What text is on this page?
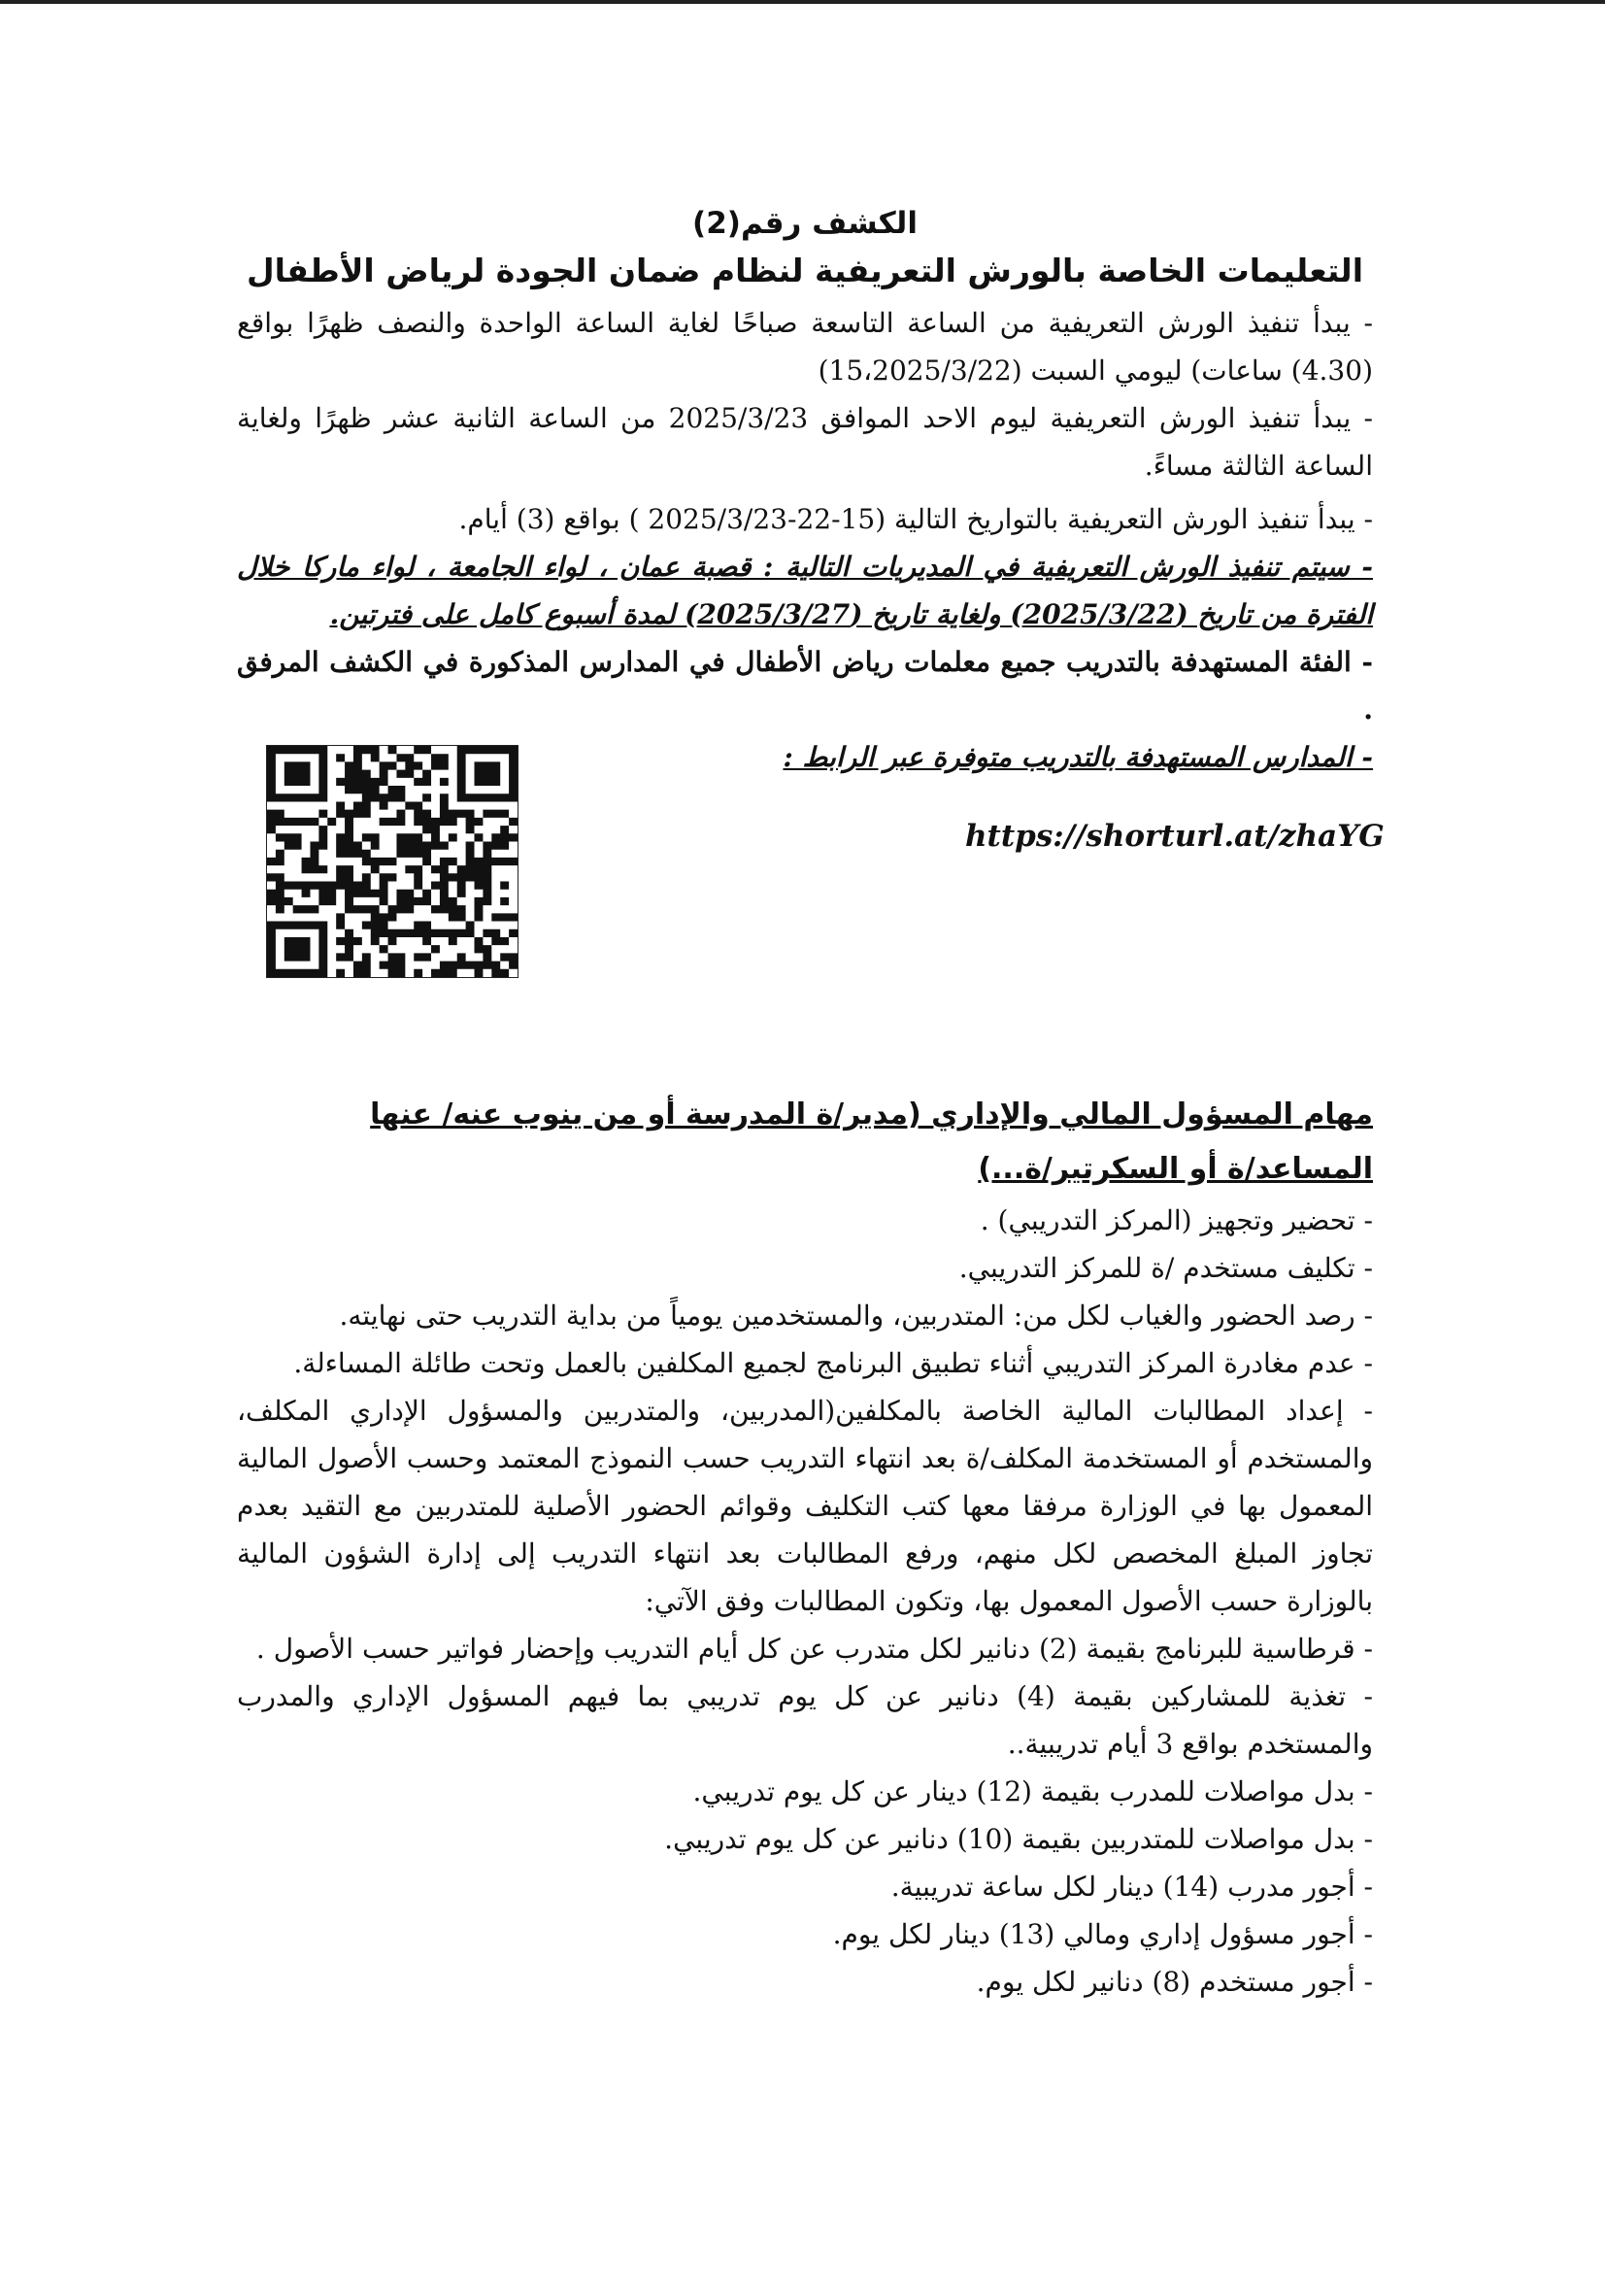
الكشف رقم(2)
التعليمات الخاصة بالورش التعريفية لنظام ضمان الجودة لرياض الأطفال

- يبدأ تنفيذ الورش التعريفية من الساعة التاسعة صباحًا لغاية الساعة الواحدة والنصف ظهرًا بواقع (4.30) ساعات) ليومي السبت (15،2025/3/22)

- يبدأ تنفيذ الورش التعريفية ليوم الاحد الموافق 2025/3/23 من الساعة الثانية عشر ظهرًا ولغاية الساعة الثالثة مساءً.

- يبدأ تنفيذ الورش التعريفية بالتواريخ التالية (15-22-2025/3/23 ) بواقع (3) أيام.

- سيتم تنفيذ الورش التعريفية في المديريات التالية : قصبة عمان ، لواء الجامعة ، لواء ماركا خلال الفترة من تاريخ (2025/3/22) ولغاية تاريخ (2025/3/27) لمدة أسبوع كامل على فترتين.

- الفئة المستهدفة بالتدريب جميع معلمات رياض الأطفال في المدارس المذكورة في الكشف المرفق .

- المدارس المستهدفة بالتدريب متوفرة عبر الرابط :

مهام المسؤول المالي والإداري (مدير/ة المدرسة أو من ينوب عنه/ عنها المساعد/ة أو السكرتير/ة...)

- تحضير وتجهيز (المركز التدريبي) .

- تكليف مستخدم /ة للمركز التدريبي.

- رصد الحضور والغياب لكل من: المتدربين، والمستخدمين يومياً من بداية التدريب حتى نهايته.

- عدم مغادرة المركز التدريبي أثناء تطبيق البرنامج لجميع المكلفين بالعمل وتحت طائلة المساءلة.

- إعداد المطالبات المالية الخاصة بالمكلفين(المدربين، والمتدربين والمسؤول الإداري المكلف، والمستخدم أو المستخدمة المكلف/ة بعد انتهاء التدريب حسب النموذج المعتمد وحسب الأصول المالية المعمول بها في الوزارة مرفقا معها كتب التكليف وقوائم الحضور الأصلية للمتدربين مع التقيد بعدم تجاوز المبلغ المخصص لكل منهم، ورفع المطالبات بعد انتهاء التدريب إلى إدارة الشؤون المالية بالوزارة حسب الأصول المعمول بها، وتكون المطالبات وفق الآتي:

- قرطاسية للبرنامج بقيمة (2) دنانير لكل متدرب عن كل أيام التدريب وإحضار فواتير حسب الأصول .

- تغذية للمشاركين بقيمة (4) دنانير عن كل يوم تدريبي بما فيهم المسؤول الإداري والمدرب والمستخدم بواقع 3 أيام تدريبية..

- بدل مواصلات للمدرب بقيمة (12) دينار عن كل يوم تدريبي.

- بدل مواصلات للمتدربين بقيمة (10) دنانير عن كل يوم تدريبي.

- أجور مدرب (14) دينار لكل ساعة تدريبية.

- أجور مسؤول إداري ومالي (13) دينار لكل يوم.

- أجور مستخدم (8) دنانير لكل يوم.

https://shorturl.at/zhaYG
